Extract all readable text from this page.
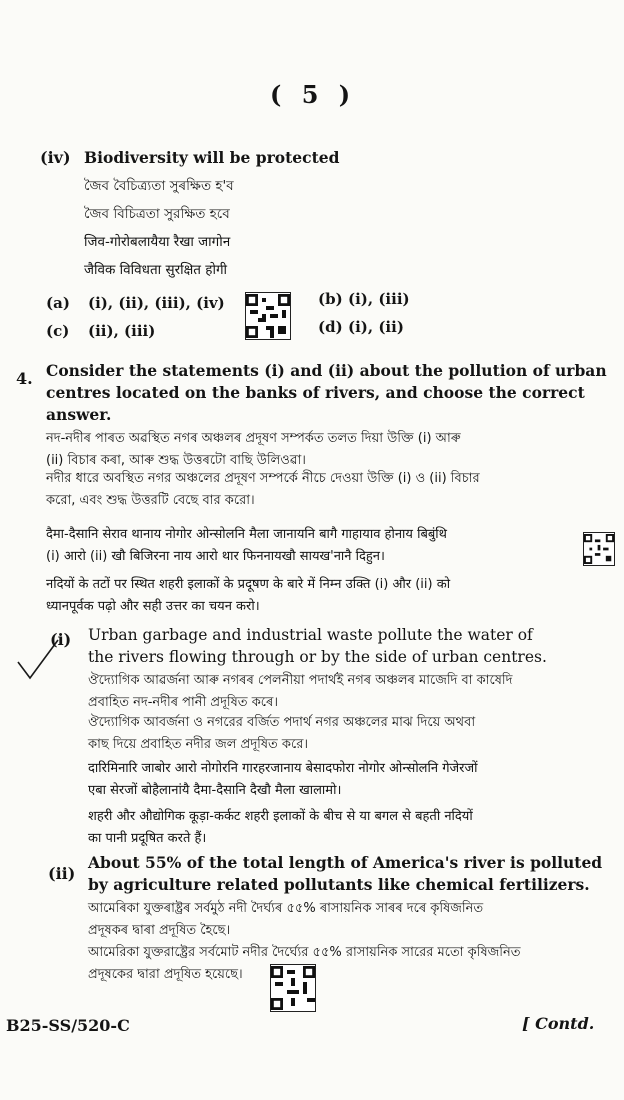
( 5 )
(iv) Biodiversity will be protected
জৈব বৈচিত্ৰ্যতা সুৰক্ষিত হ'ব
জৈব বিচিত্ৰতা সুরক্ষিত হবে
जिव-गोरोबलायैया रैखा जागोन
जैविक विविधता सुरक्षित होगी
(a) (i), (ii), (iii), (iv)	(b) (i), (iii)
(c) (ii), (iii)	(d) (i), (ii)
4. Consider the statements (i) and (ii) about the pollution of urban
centres located on the banks of rivers, and choose the correct
answer.
নদ-নদীৰ পাৰত অৱস্থিত নগৰ অঞ্চলৰ প্ৰদূষণ সম্পৰ্কত তলত দিয়া উক্তি (i) আৰু
(ii) বিচাৰ কৰা, আৰু শুদ্ধ উত্তৰটো বাছি উলিওৱা।
নদীর ধারে অবস্থিত নগর অঞ্চলের প্রদূষণ সম্পর্কে নীচে দেওয়া উক্তি (i) ও (ii) বিচার
করো, এবং শুদ্ধ উত্তরটি বেছে বার করো।
दैमा-दैसानि सेराव थानाय नोगोर ओन्सोलनि मैला जानायनि बागै गाहायाव होनाय बिबुंथि
(i) आरो (ii) खौ बिजिरना नाय आरो थार फिननायखौ सायख'नानै दिहुन।
नदियों के तटों पर स्थित शहरी इलाकों के प्रदूषण के बारे में निम्न उक्ति (i) और (ii) को
ध्यानपूर्वक पढ़ो और सही उत्तर का चयन करो।
(i) Urban garbage and industrial waste pollute the water of
the rivers flowing through or by the side of urban centres.
ঔদ্যোগিক আৱৰ্জনা আৰু নগৰৰ পেলনীয়া পদাৰ্থই নগৰ অঞ্চলৰ মাজেদি বা কাষেদি
প্ৰবাহিত নদ-নদীৰ পানী প্ৰদূষিত কৰে।
ঔদ্যোগিক আবর্জনা ও নগরের বর্জিত পদার্থ নগর অঞ্চলের মাঝ দিয়ে অথবা
কাছ দিয়ে প্রবাহিত নদীর জল প্রদূষিত করে।
दारिमिनारि जाबोर आरो नोगोरनि गारहरजानाय बेसादफोरा नोगोर ओन्सोलनि गेजेरजों
एबा सेरजों बोहैलानांयै दैमा-दैसानि दैखौ मैला खालामो।
शहरी और औद्योगिक कूड़ा-कर्कट शहरी इलाकों के बीच से या बगल से बहती नदियों
का पानी प्रदूषित करते हैं।
(ii)
About 55% of the total length of America's river is polluted
by agriculture related pollutants like chemical fertilizers.
আমেৰিকা যুক্তৰাষ্ট্ৰৰ সৰ্বমুঠ নদী দৈৰ্ঘ্যৰ ৫৫% ৰাসায়নিক সাৰৰ দৰে কৃষিজনিত
প্ৰদূষকৰ দ্বাৰা প্ৰদূষিত হৈছে।
আমেরিকা যুক্তরাষ্ট্রের সর্বমোট নদীর দৈর্ঘ্যের ৫৫% রাসায়নিক সারের মতো কৃষিজনিত
প্রদূষকের দ্বারা প্রদূষিত হয়েছে।
B25-SS/520-C	[ Contd.
